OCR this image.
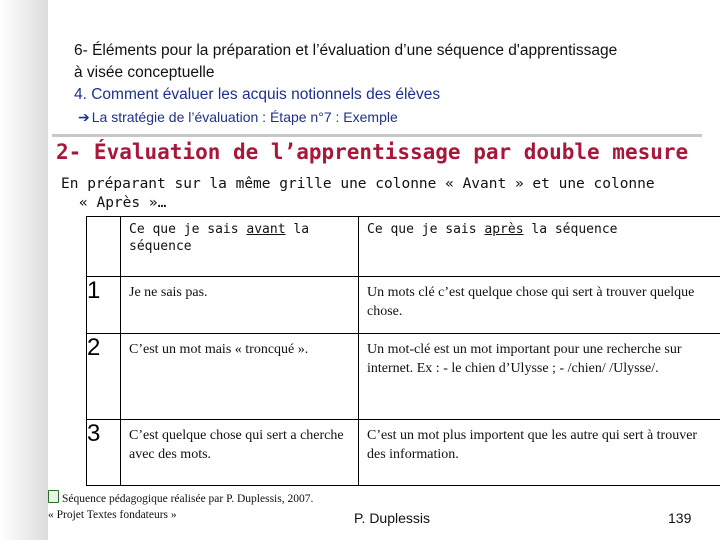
6- Éléments pour la préparation et l’évaluation d’une séquence d'apprentissage

à visée conceptuelle

4. Comment évaluer les acquis notionnels des élèves

➔ La stratégie de l’évaluation : Étape n°7 : Exemple

2- Évaluation de l’apprentissage par double mesure
En préparant sur la même grille une colonne « Avant » et une colonne
« Après »…

	Ce que je sais avant la séquence	Ce que je sais après la séquence

1	Je ne sais pas.	Un mots clé c’est quelque chose qui sert à trouver quelque chose.

2	C’est un mot mais « troncqué ».	Un mot-clé est un mot important pour une recherche sur internet. Ex : - le chien d’Ulysse ; - /chien/ /Ulysse/.

3	C’est quelque chose qui sert a cherche avec des mots.	C’est un mot plus importent que les autre qui sert à trouver des information.
Séquence pédagogique réalisée par P. Duplessis, 2007.
« Projet Textes fondateurs »	P. Duplessis	139
